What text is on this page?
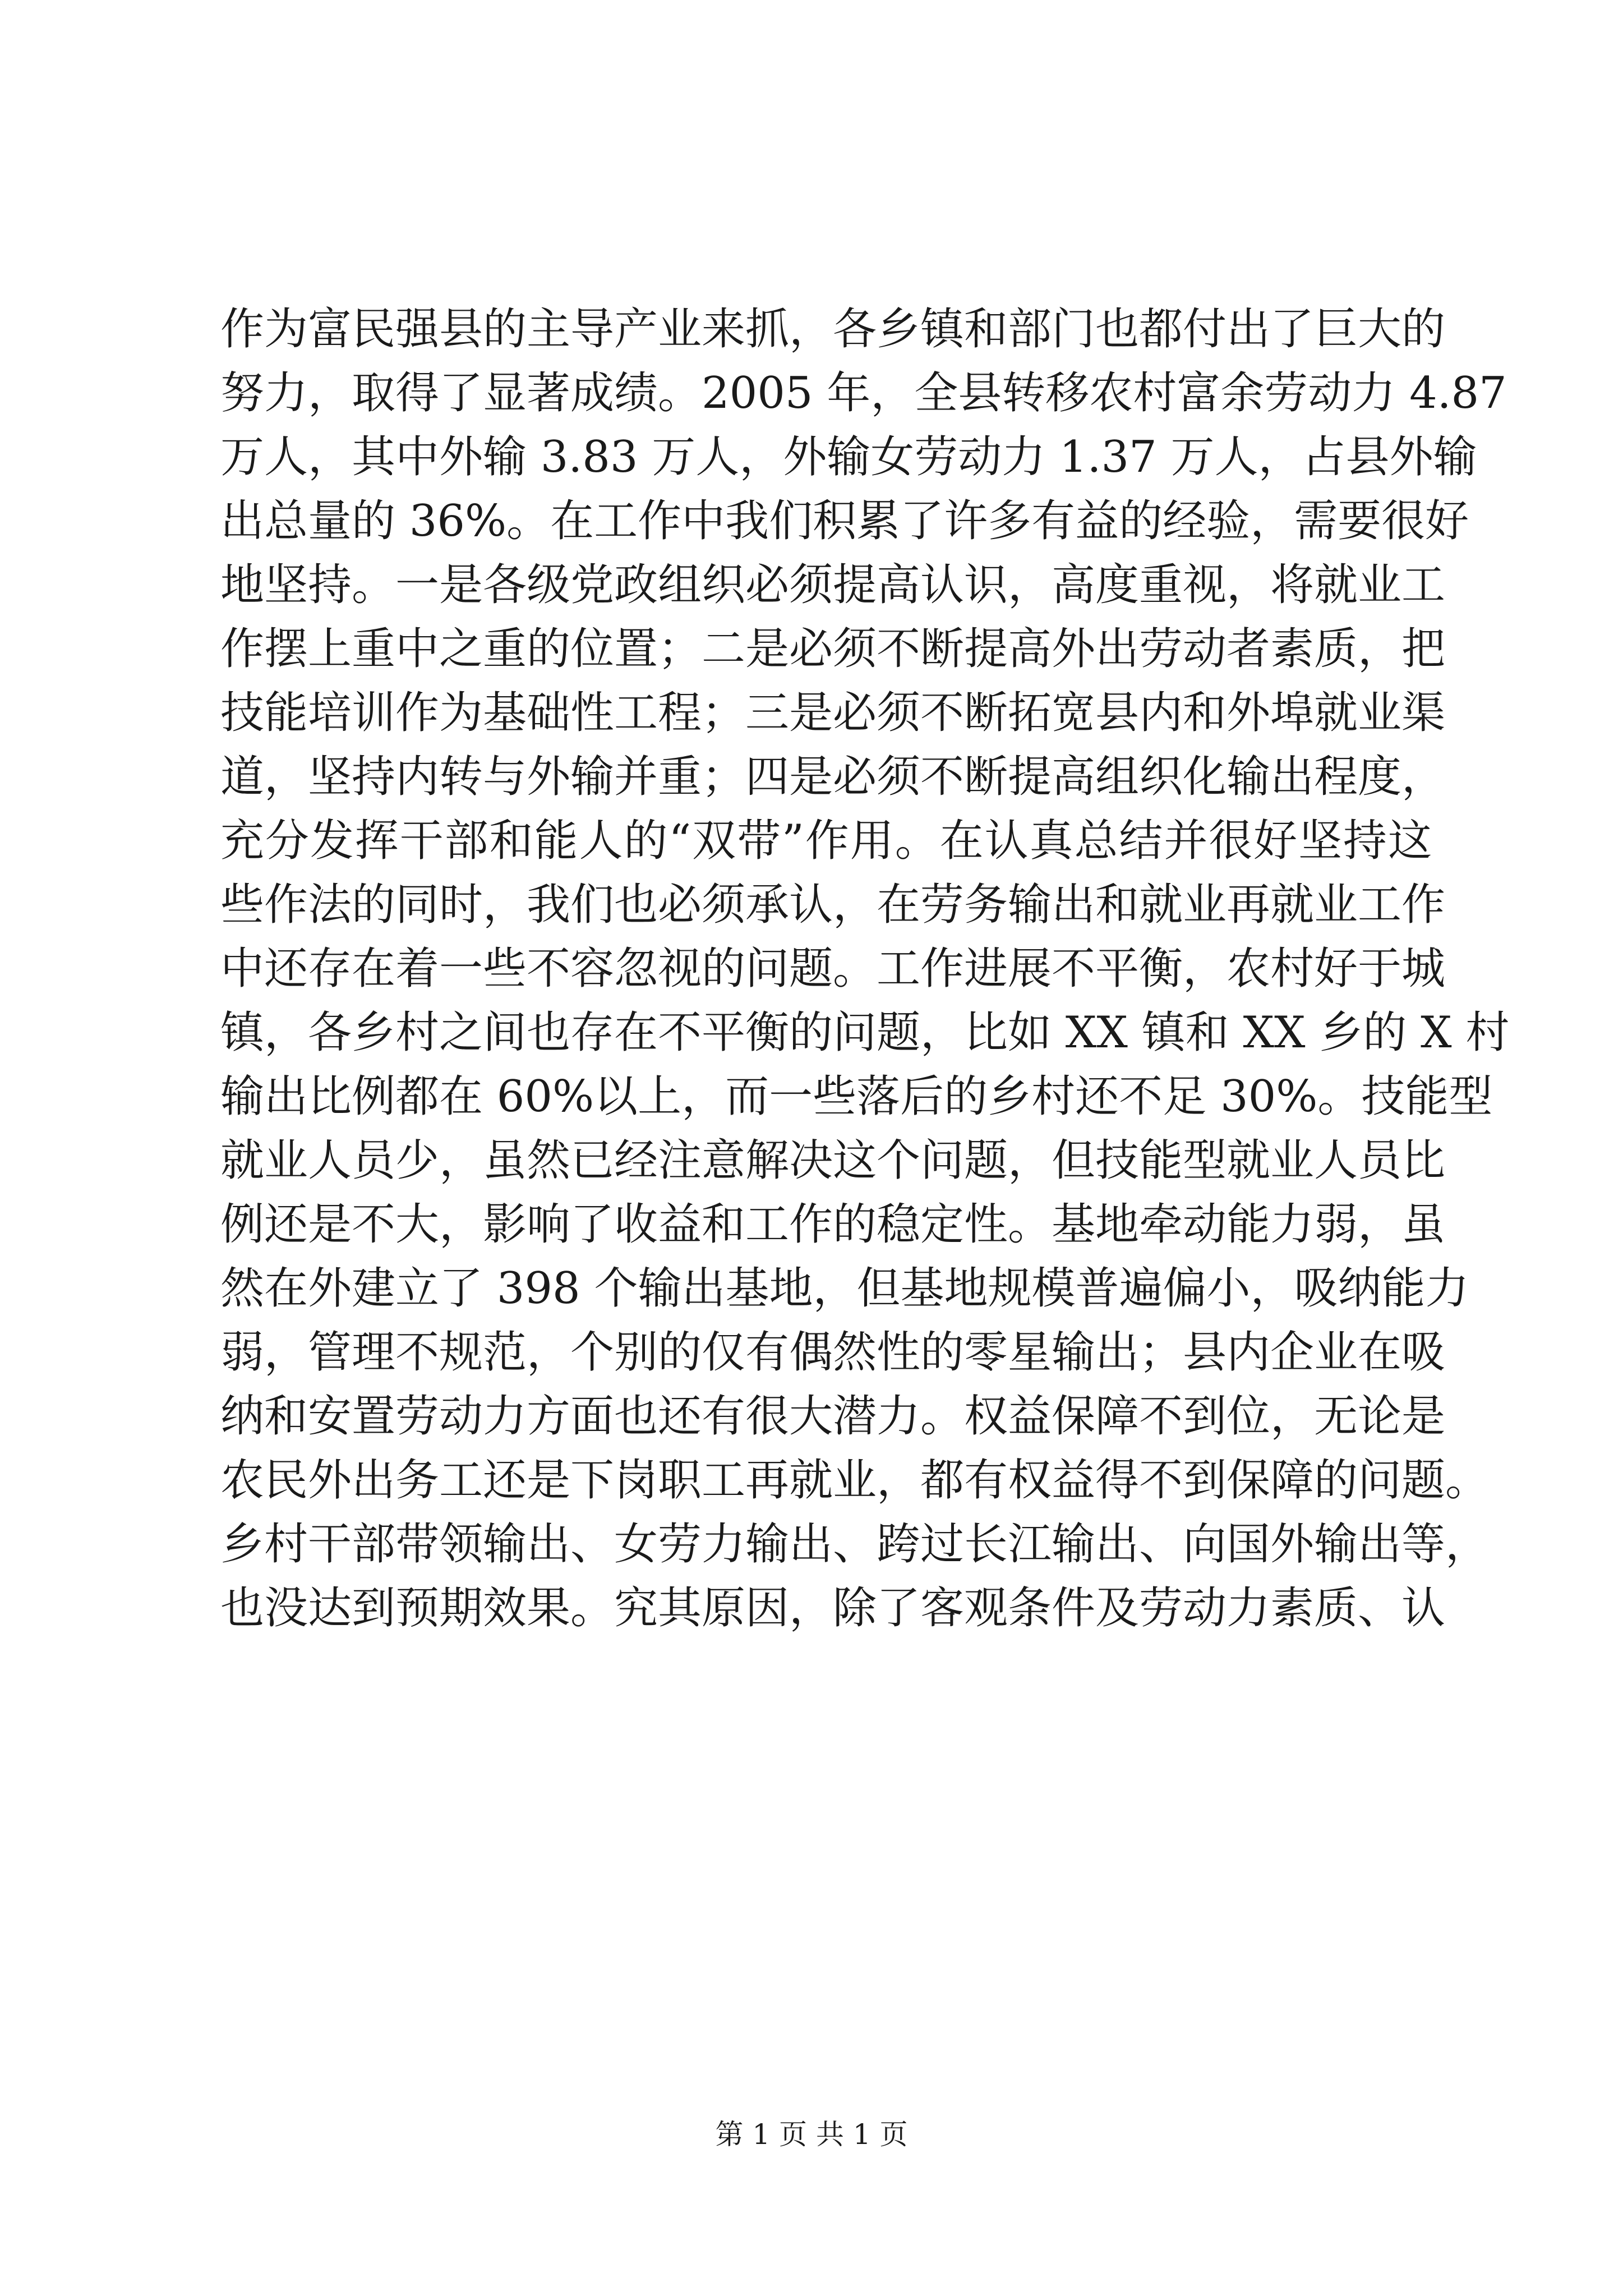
作为富民强县的主导产业来抓，各乡镇和部门也都付出了巨大的
努力，取得了显著成绩。2005 年，全县转移农村富余劳动力 4.87
万人，其中外输 3.83 万人，外输女劳动力 1.37 万人，占县外输
出总量的 36%。在工作中我们积累了许多有益的经验，需要很好
地坚持。一是各级党政组织必须提高认识，高度重视，将就业工
作摆上重中之重的位置；二是必须不断提高外出劳动者素质，把
技能培训作为基础性工程；三是必须不断拓宽县内和外埠就业渠
道，坚持内转与外输并重；四是必须不断提高组织化输出程度，
充分发挥干部和能人的“双带”作用。在认真总结并很好坚持这
些作法的同时，我们也必须承认，在劳务输出和就业再就业工作
中还存在着一些不容忽视的问题。工作进展不平衡，农村好于城
镇，各乡村之间也存在不平衡的问题，比如 XX 镇和 XX 乡的 X 村
输出比例都在 60%以上，而一些落后的乡村还不足 30%。技能型
就业人员少，虽然已经注意解决这个问题，但技能型就业人员比
例还是不大，影响了收益和工作的稳定性。基地牵动能力弱，虽
然在外建立了 398 个输出基地，但基地规模普遍偏小，吸纳能力
弱，管理不规范，个别的仅有偶然性的零星输出；县内企业在吸
纳和安置劳动力方面也还有很大潜力。权益保障不到位，无论是
农民外出务工还是下岗职工再就业，都有权益得不到保障的问题。
乡村干部带领输出、女劳力输出、跨过长江输出、向国外输出等，
也没达到预期效果。究其原因，除了客观条件及劳动力素质、认
第 1 页 共 1 页
